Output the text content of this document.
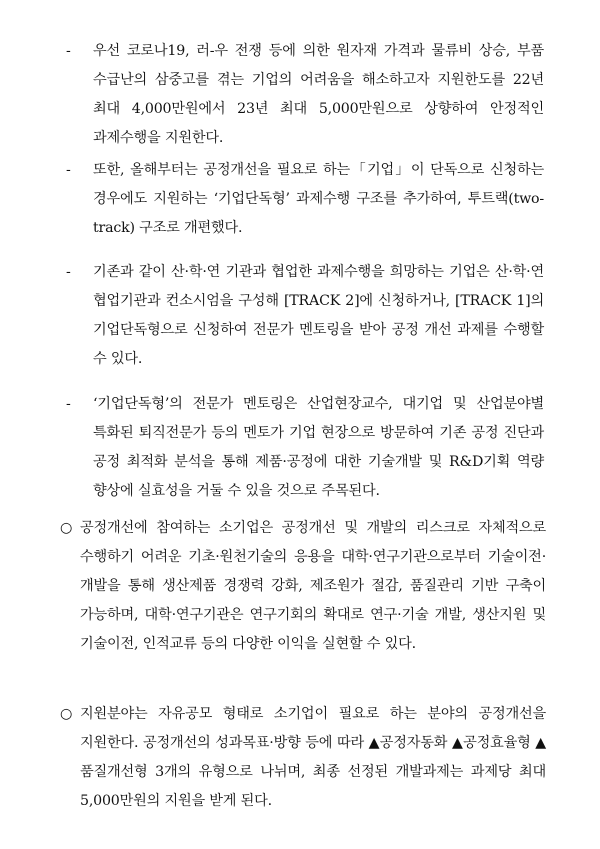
-	우선 코로나19, 러-우 전쟁 등에 의한 원자재 가격과 물류비 상승, 부품 수급난의 삼중고를 겪는 기업의 어려움을 해소하고자 지원한도를 22년 최대 4,000만원에서 23년 최대 5,000만원으로 상향하여 안정적인 과제수행을 지원한다.
-	또한, 올해부터는 공정개선을 필요로 하는「기업」이 단독으로 신청하는 경우에도 지원하는 ‘기업단독형’ 과제수행 구조를 추가하여, 투트랙(two-track) 구조로 개편했다.
-	기존과 같이 산·학·연 기관과 협업한 과제수행을 희망하는 기업은 산·학·연 협업기관과 컨소시엄을 구성해 [TRACK 2]에 신청하거나, [TRACK 1]의 기업단독형으로 신청하여 전문가 멘토링을 받아 공정 개선 과제를 수행할 수 있다.
-	‘기업단독형’의 전문가 멘토링은 산업현장교수, 대기업 및 산업분야별 특화된 퇴직전문가 등의 멘토가 기업 현장으로 방문하여 기존 공정 진단과 공정 최적화 분석을 통해 제품·공정에 대한 기술개발 및 R&D기획 역량 향상에 실효성을 거둘 수 있을 것으로 주목된다.
○ 공정개선에 참여하는 소기업은 공정개선 및 개발의 리스크로 자체적으로 수행하기 어려운 기초·원천기술의 응용을 대학·연구기관으로부터 기술이전·개발을 통해 생산제품 경쟁력 강화, 제조원가 절감, 품질관리 기반 구축이 가능하며, 대학·연구기관은 연구기회의 확대로 연구·기술 개발, 생산지원 및 기술이전, 인적교류 등의 다양한 이익을 실현할 수 있다.
○ 지원분야는 자유공모 형태로 소기업이 필요로 하는 분야의 공정개선을 지원한다. 공정개선의 성과목표·방향 등에 따라 ▲공정자동화 ▲공정효율형 ▲품질개선형 3개의 유형으로 나뉘며, 최종 선정된 개발과제는 과제당 최대 5,000만원의 지원을 받게 된다.
